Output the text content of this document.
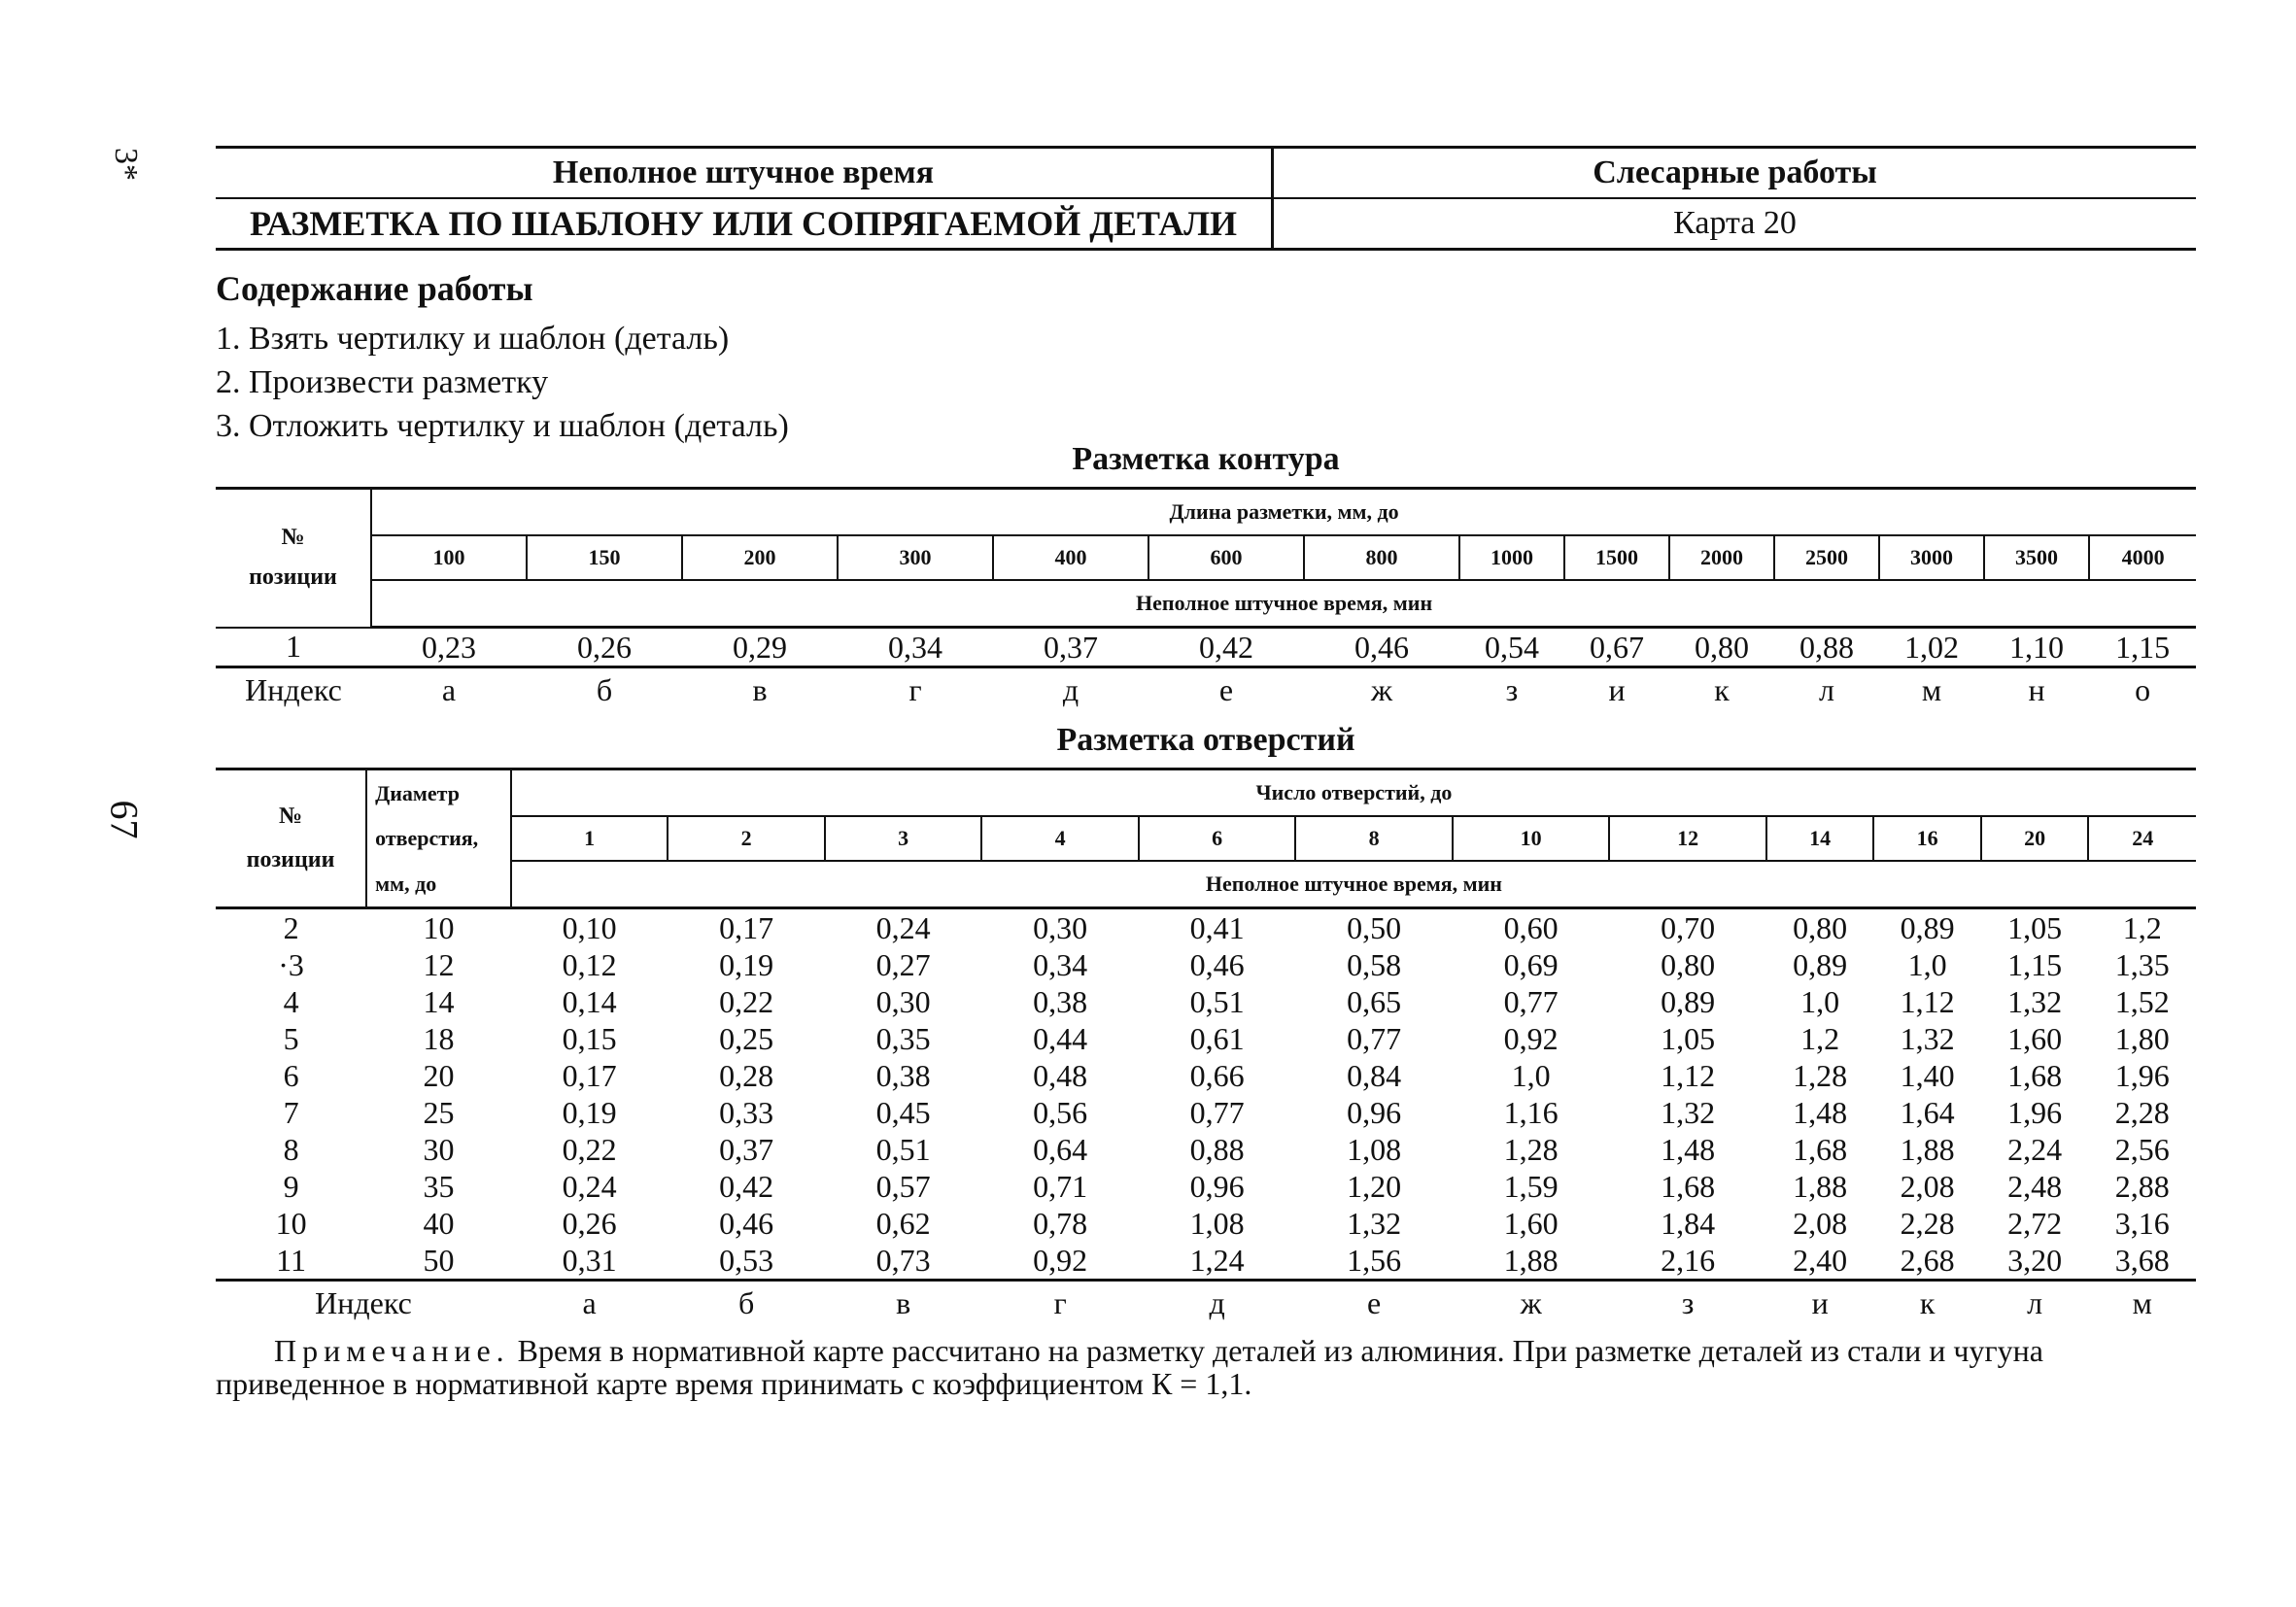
3*
67
Неполное штучное время
РАЗМЕТКА ПО ШАБЛОНУ ИЛИ СОПРЯГАЕМОЙ ДЕТАЛИ
Слесарные работы
Карта 20
Содержание работы
1. Взять чертилку и шаблон (деталь)
2. Произвести разметку
3. Отложить чертилку и шаблон (деталь)
Разметка контура
№
позиции	Длина разметки, мм, до													
	100	150	200	300	400	600	800	1000	1500	2000	2500	3000	3500	4000
	Неполное штучное время, мин													
1	0,23	0,26	0,29	0,34	0,37	0,42	0,46	0,54	0,67	0,80	0,88	1,02	1,10	1,15
Индекс	а	б	в	г	д	е	ж	з	и	к	л	м	н	о
Разметка отверстий
№
позиции	Диаметр	Число отверстий, до											
	отверстия,	1	2	3	4	6	8	10	12	14	16	20	24
	мм, до	Неполное штучное время, мин											
2	10	0,10	0,17	0,24	0,30	0,41	0,50	0,60	0,70	0,80	0,89	1,05	1,2
·3	12	0,12	0,19	0,27	0,34	0,46	0,58	0,69	0,80	0,89	1,0	1,15	1,35
4	14	0,14	0,22	0,30	0,38	0,51	0,65	0,77	0,89	1,0	1,12	1,32	1,52
5	18	0,15	0,25	0,35	0,44	0,61	0,77	0,92	1,05	1,2	1,32	1,60	1,80
6	20	0,17	0,28	0,38	0,48	0,66	0,84	1,0	1,12	1,28	1,40	1,68	1,96
7	25	0,19	0,33	0,45	0,56	0,77	0,96	1,16	1,32	1,48	1,64	1,96	2,28
8	30	0,22	0,37	0,51	0,64	0,88	1,08	1,28	1,48	1,68	1,88	2,24	2,56
9	35	0,24	0,42	0,57	0,71	0,96	1,20	1,59	1,68	1,88	2,08	2,48	2,88
10	40	0,26	0,46	0,62	0,78	1,08	1,32	1,60	1,84	2,08	2,28	2,72	3,16
11	50	0,31	0,53	0,73	0,92	1,24	1,56	1,88	2,16	2,40	2,68	3,20	3,68
Индекс		а	б	в	г	д	е	ж	з	и	к	л	м
Примечание. Время в нормативной карте рассчитано на разметку деталей из алюминия. При разметке деталей из стали и чугуна приведенное в нормативной карте время принимать с коэффициентом К = 1,1.
